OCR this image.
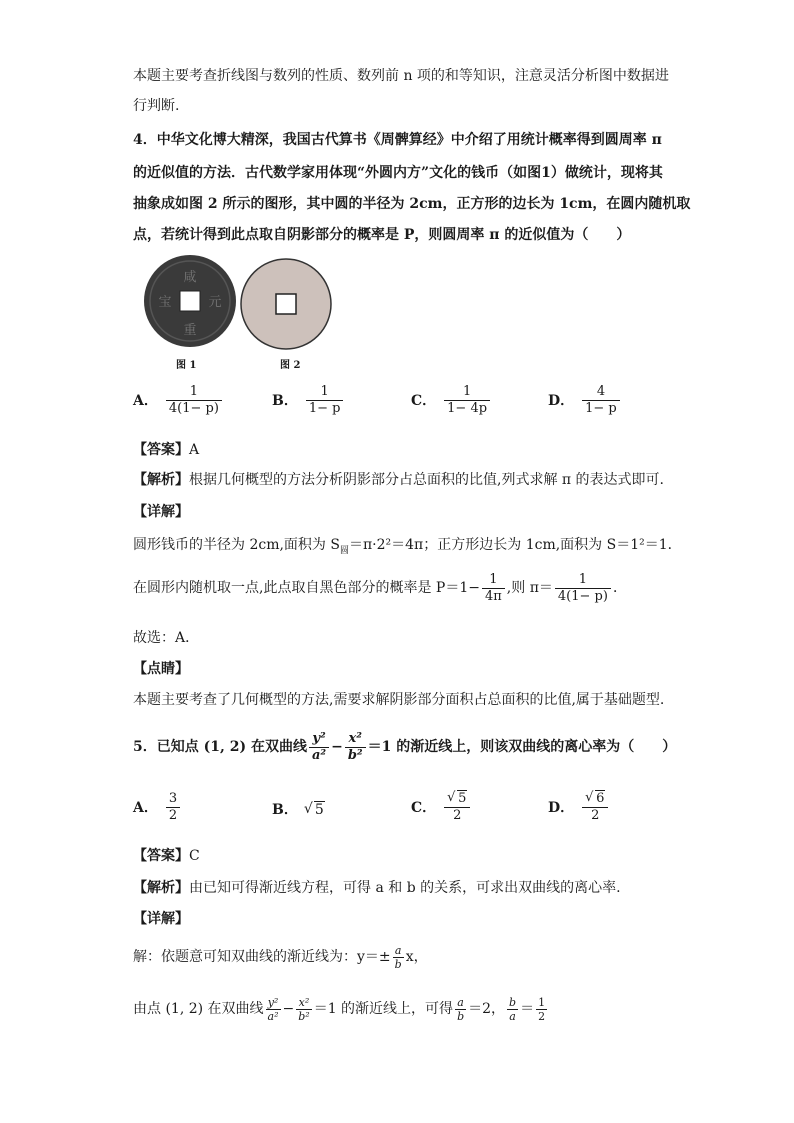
本题主要考查折线图与数列的性质、数列前 n 项的和等知识，注意灵活分析图中数据进
行判断.
4．中华文化博大精深，我国古代算书《周髀算经》中介绍了用统计概率得到圆周率 π
的近似值的方法．古代数学家用体现“外圆内方”文化的钱币（如图1）做统计，现将其
抽象成如图 2 所示的图形，其中圆的半径为 2cm，正方形的边长为 1cm，在圆内随机取
点，若统计得到此点取自阴影部分的概率是 P，则圆周率 π 的近似值为（　　）
咸
元
重
宝
图 1	图 2
A． $\frac{1}{4(1- p)}$	B． $\frac{1}{1- p}$	C． $\frac{1}{1- 4p}$	D． $\frac{4}{1- p}$
【答案】A
【解析】根据几何概型的方法分析阴影部分占总面积的比值,列式求解 π 的表达式即可.
【详解】
圆形钱币的半径为 2cm,面积为 $S_圆=\pi\cdot 2^2=4\pi$；正方形边长为 1cm,面积为 S＝1²＝1．
在圆形内随机取一点,此点取自黑色部分的概率是 $P=1- \frac{1}{4\pi}$ ,则 $\pi= \frac{1}{4(1- p)}$ ．
故选：A．
【点睛】
本题主要考查了几何概型的方法,需要求解阴影部分面积占总面积的比值,属于基础题型.
5．已知点 (1, 2) 在双曲线 $\frac{\text{y²}}{\text{a²}} - \frac{\text{x²}}{\text{b²}} =1$ 的渐近线上，则该双曲线的离心率为（　　）
A． $\frac{3}{2}$	B． √ 5	C． √ $\frac{5}{2}$	D． √ $\frac{6}{2}$
【答案】C
【解析】由已知可得渐近线方程，可得 a 和 b 的关系，可求出双曲线的离心率.
【详解】
解：依题意可知双曲线的渐近线为：$y=\pm \frac{a}{b}$ x，
由点 (1, 2) 在双曲线 $\frac{\text{y²}}{\text{a²}} - \frac{\text{x²}}{\text{b²}} =1$ 的渐近线上，可得 $\frac{a}{b} =2$， $\frac{b}{a} = \frac{1}{2}$
